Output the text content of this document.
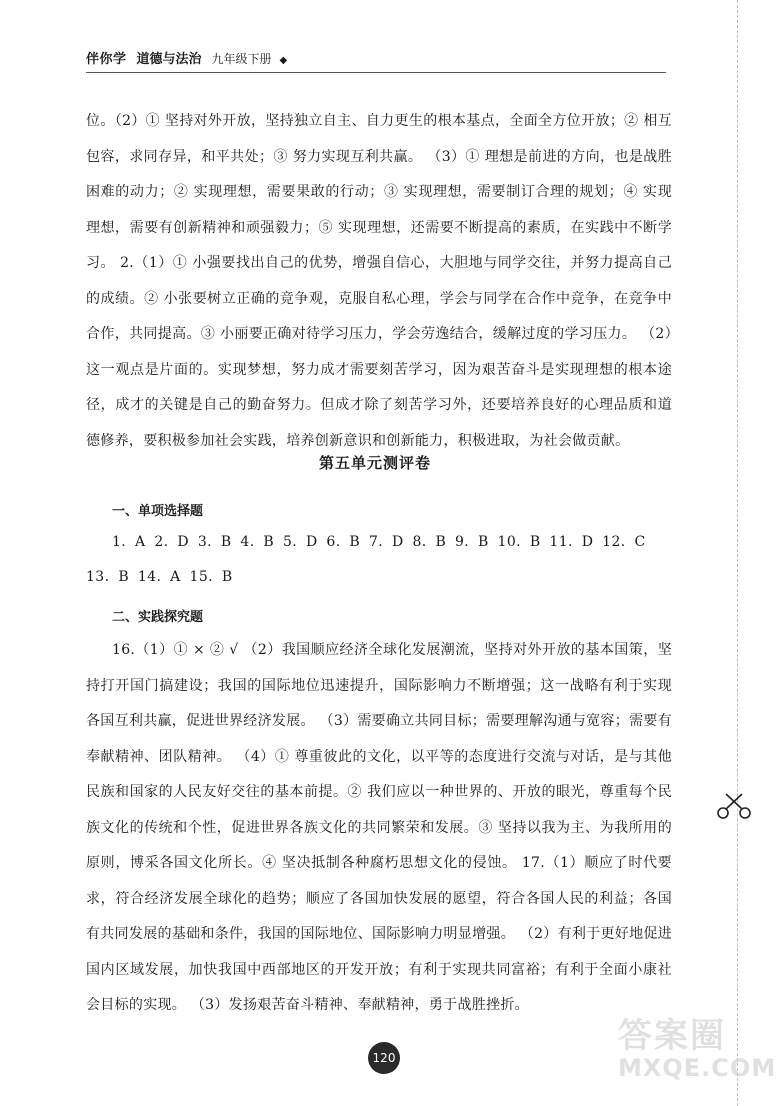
伴你学 道德与法治 九年级下册 ◆

位。（2）① 坚持对外开放，坚持独立自主、自力更生的根本基点，全面全方位开放；② 相互包容，求同存异，和平共处；③ 努力实现互利共赢。 （3）① 理想是前进的方向，也是战胜困难的动力；② 实现理想，需要果敢的行动；③ 实现理想，需要制订合理的规划；④ 实现理想，需要有创新精神和顽强毅力；⑤ 实现理想，还需要不断提高的素质，在实践中不断学习。 2.（1）① 小强要找出自己的优势，增强自信心，大胆地与同学交往，并努力提高自己的成绩。② 小张要树立正确的竞争观，克服自私心理，学会与同学在合作中竞争，在竞争中合作，共同提高。③ 小丽要正确对待学习压力，学会劳逸结合，缓解过度的学习压力。 （2）这一观点是片面的。实现梦想，努力成才需要刻苦学习，因为艰苦奋斗是实现理想的根本途径，成才的关键是自己的勤奋努力。但成才除了刻苦学习外，还要培养良好的心理品质和道德修养，要积极参加社会实践，培养创新意识和创新能力，积极进取，为社会做贡献。

第五单元测评卷
一、单项选择题

1. A 2. D 3. B 4. B 5. D 6. B 7. D 8. B 9. B 10. B 11. D 12. C 13. B 14. A 15. B

二、实践探究题

16.（1）① × ② √ （2）我国顺应经济全球化发展潮流，坚持对外开放的基本国策，坚持打开国门搞建设；我国的国际地位迅速提升，国际影响力不断增强；这一战略有利于实现各国互利共赢，促进世界经济发展。 （3）需要确立共同目标；需要理解沟通与宽容；需要有奉献精神、团队精神。 （4）① 尊重彼此的文化，以平等的态度进行交流与对话，是与其他民族和国家的人民友好交往的基本前提。② 我们应以一种世界的、开放的眼光，尊重每个民族文化的传统和个性，促进世界各族文化的共同繁荣和发展。③ 坚持以我为主、为我所用的原则，博采各国文化所长。④ 坚决抵制各种腐朽思想文化的侵蚀。 17.（1）顺应了时代要求，符合经济发展全球化的趋势；顺应了各国加快发展的愿望，符合各国人民的利益；各国有共同发展的基础和条件，我国的国际地位、国际影响力明显增强。 （2）有利于更好地促进国内区域发展，加快我国中西部地区的开发开放；有利于实现共同富裕；有利于全面小康社会目标的实现。 （3）发扬艰苦奋斗精神、奉献精神，勇于战胜挫折。

120
答案圈
MXQE.COM
